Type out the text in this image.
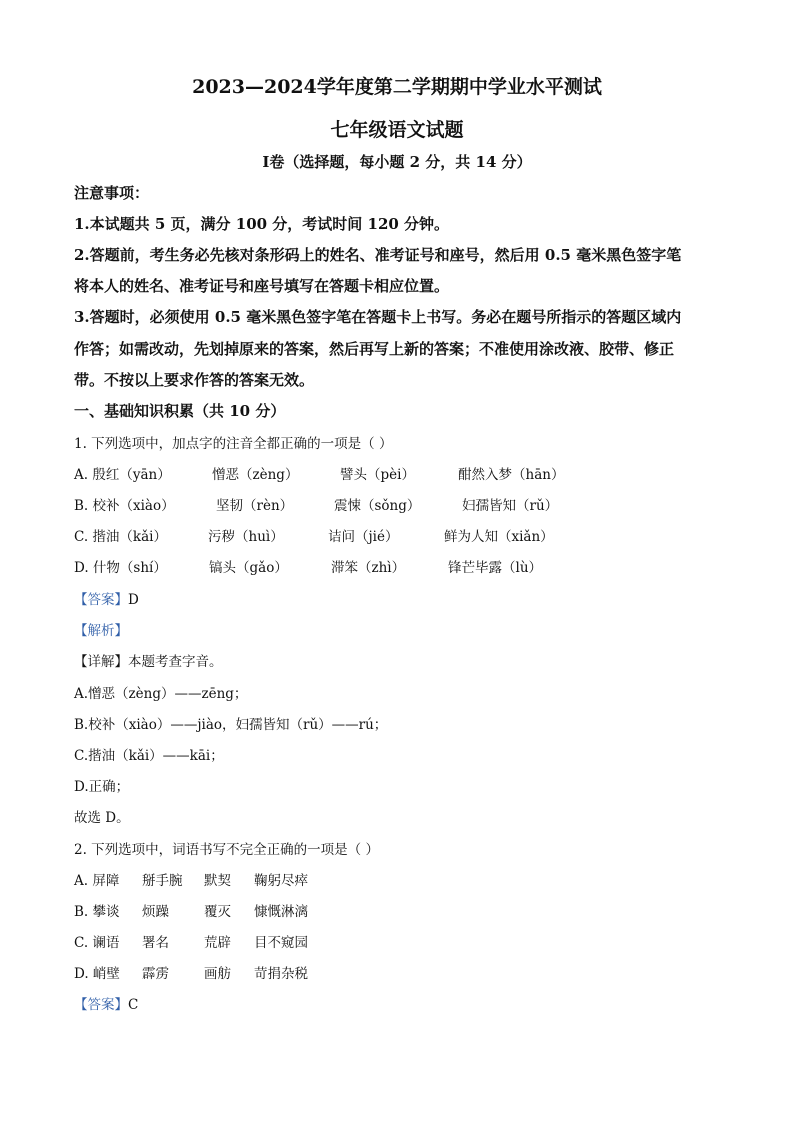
2023—2024学年度第二学期期中学业水平测试
七年级语文试题
Ⅰ卷（选择题，每小题 2 分，共 14 分）
注意事项：
1.本试题共 5 页，满分 100 分，考试时间 120 分钟。
2.答题前，考生务必先核对条形码上的姓名、准考证号和座号，然后用 0.5 毫米黑色签字笔
将本人的姓名、准考证号和座号填写在答题卡相应位置。
3.答题时，必须使用 0.5 毫米黑色签字笔在答题卡上书写。务必在题号所指示的答题区域内
作答；如需改动，先划掉原来的答案，然后再写上新的答案；不准使用涂改液、胶带、修正
带。不按以上要求作答的答案无效。
一、基础知识积累（共 10 分）
1. 下列选项中，加点字的注音全都正确的一项是（ ）
A. 殷红（yān）	憎恶（zèng）	譬头（pèi）	酣然入梦（hān）
B. 校补（xiào）	坚韧（rèn）	震悚（sǒng）	妇孺皆知（rǔ）
C. 揩油（kǎi）	污秽（huì）	诘问（jié）	鲜为人知（xiǎn）
D. 什物（shí）	镐头（gǎo）	滞笨（zhì）	锋芒毕露（lù）
【答案】D
【解析】
【详解】本题考查字音。
A.憎恶（zèng）——zēng；
B.校补（xiào）——jiào，妇孺皆知（rǔ）——rú；
C.揩油（kǎi）——kāi；
D.正确；
故选 D。
2. 下列选项中，词语书写不完全正确的一项是（ ）
A. 屏障 掰手腕 默契 鞠躬尽瘁
B. 攀谈 烦躁	覆灭 慷慨淋漓
C. 谰语 署名	荒辟 目不窥园
D. 峭壁 霹雳	画舫 苛捐杂税
【答案】C
